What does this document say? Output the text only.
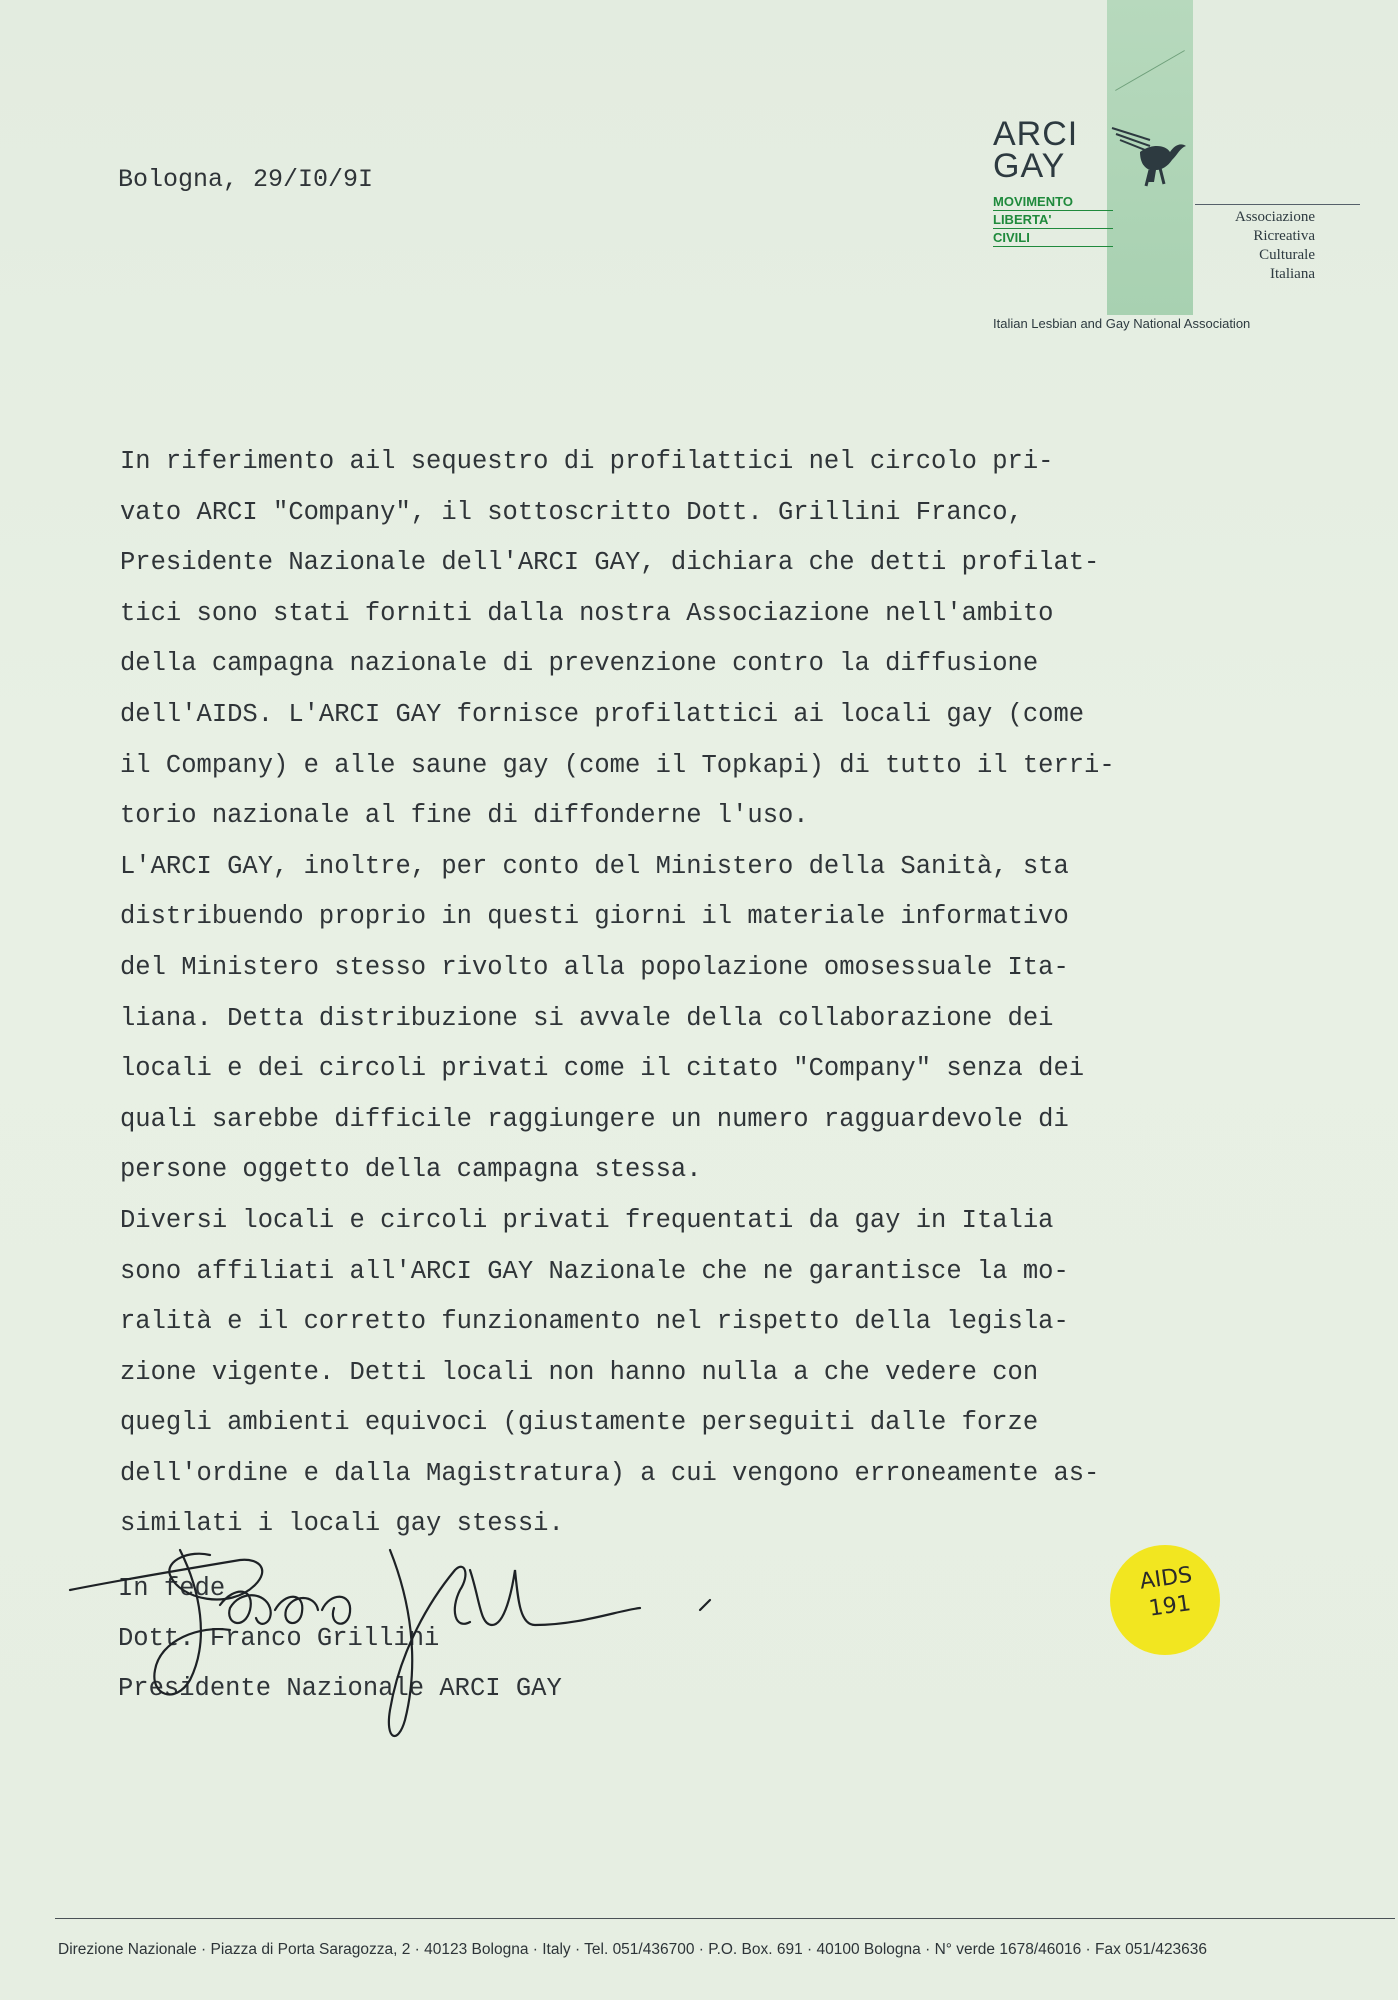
ARCI
GAY
MOVIMENTO
LIBERTA'
CIVILI
Associazione
Ricreativa
Culturale
Italiana
Italian Lesbian and Gay National Association
Bologna, 29/I0/9I
In riferimento ail sequestro di profilattici nel circolo pri-
vato ARCI "Company", il sottoscritto Dott. Grillini Franco,
Presidente Nazionale dell'ARCI GAY, dichiara che detti profilat-
tici sono stati forniti dalla nostra Associazione nell'ambito
della campagna nazionale di prevenzione contro la diffusione
dell'AIDS. L'ARCI GAY fornisce profilattici ai locali gay (come
il Company) e alle saune gay (come il Topkapi) di tutto il terri-
torio nazionale al fine di diffonderne l'uso.
L'ARCI GAY, inoltre, per conto del Ministero della Sanità, sta
distribuendo proprio in questi giorni il materiale informativo
del Ministero stesso rivolto alla popolazione omosessuale Ita-
liana. Detta distribuzione si avvale della collaborazione dei
locali e dei circoli privati come il citato "Company" senza dei
quali sarebbe difficile raggiungere un numero ragguardevole di
persone oggetto della campagna stessa.
Diversi locali e circoli privati frequentati da gay in Italia
sono affiliati all'ARCI GAY Nazionale che ne garantisce la mo-
ralità e il corretto funzionamento nel rispetto della legisla-
zione vigente. Detti locali non hanno nulla a che vedere con
quegli ambienti equivoci (giustamente perseguiti dalle forze
dell'ordine e dalla Magistratura) a cui vengono erroneamente as-
similati i locali gay stessi.
In fede
Dott. Franco Grillini
Presidente Nazionale ARCI GAY
AIDS
191
Direzione Nazionale · Piazza di Porta Saragozza, 2 · 40123 Bologna · Italy · Tel. 051/436700 · P.O. Box. 691 · 40100 Bologna · N° verde 1678/46016 · Fax 051/423636
